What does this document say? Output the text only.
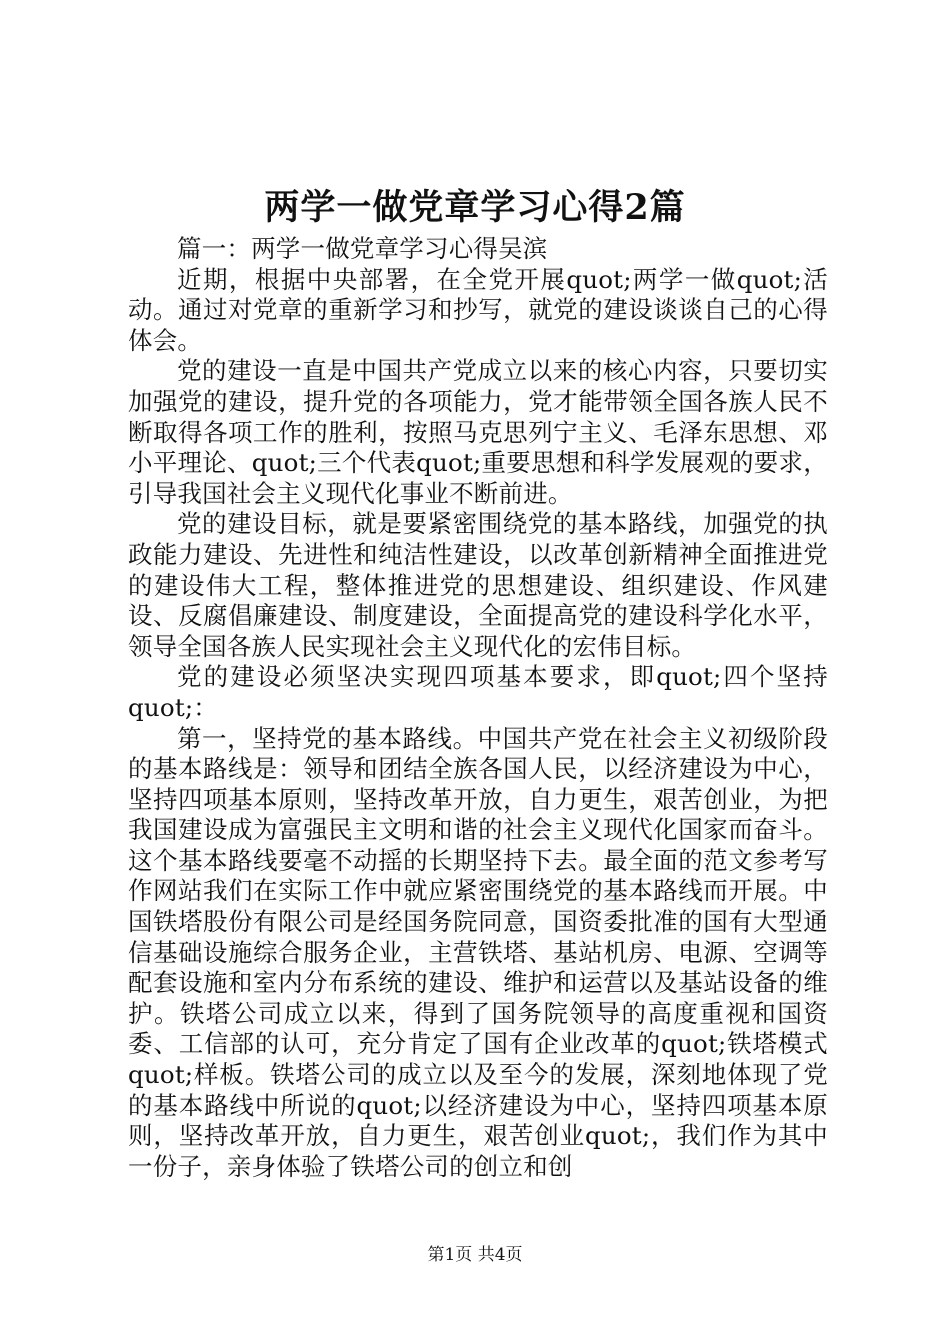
两学一做党章学习心得2篇

篇一：两学一做党章学习心得吴滨

近期，根据中央部署，在全党开展quot;两学一做quot;活动。通过对党章的重新学习和抄写，就党的建设谈谈自己的心得体会。

党的建设一直是中国共产党成立以来的核心内容，只要切实加强党的建设，提升党的各项能力，党才能带领全国各族人民不断取得各项工作的胜利，按照马克思列宁主义、毛泽东思想、邓小平理论、quot;三个代表quot;重要思想和科学发展观的要求，引导我国社会主义现代化事业不断前进。

党的建设目标，就是要紧密围绕党的基本路线，加强党的执政能力建设、先进性和纯洁性建设，以改革创新精神全面推进党的建设伟大工程，整体推进党的思想建设、组织建设、作风建设、反腐倡廉建设、制度建设，全面提高党的建设科学化水平，领导全国各族人民实现社会主义现代化的宏伟目标。

党的建设必须坚决实现四项基本要求，即quot;四个坚持quot;：

第一，坚持党的基本路线。中国共产党在社会主义初级阶段的基本路线是：领导和团结全族各国人民，以经济建设为中心，坚持四项基本原则，坚持改革开放，自力更生，艰苦创业，为把我国建设成为富强民主文明和谐的社会主义现代化国家而奋斗。这个基本路线要毫不动摇的长期坚持下去。最全面的范文参考写作网站我们在实际工作中就应紧密围绕党的基本路线而开展。中国铁塔股份有限公司是经国务院同意，国资委批准的国有大型通信基础设施综合服务企业，主营铁塔、基站机房、电源、空调等配套设施和室内分布系统的建设、维护和运营以及基站设备的维护。铁塔公司成立以来，得到了国务院领导的高度重视和国资委、工信部的认可，充分肯定了国有企业改革的quot;铁塔模式quot;样板。铁塔公司的成立以及至今的发展，深刻地体现了党的基本路线中所说的quot;以经济建设为中心，坚持四项基本原则，坚持改革开放，自力更生，艰苦创业quot;，我们作为其中一份子，亲身体验了铁塔公司的创立和创

第1页 共4页
